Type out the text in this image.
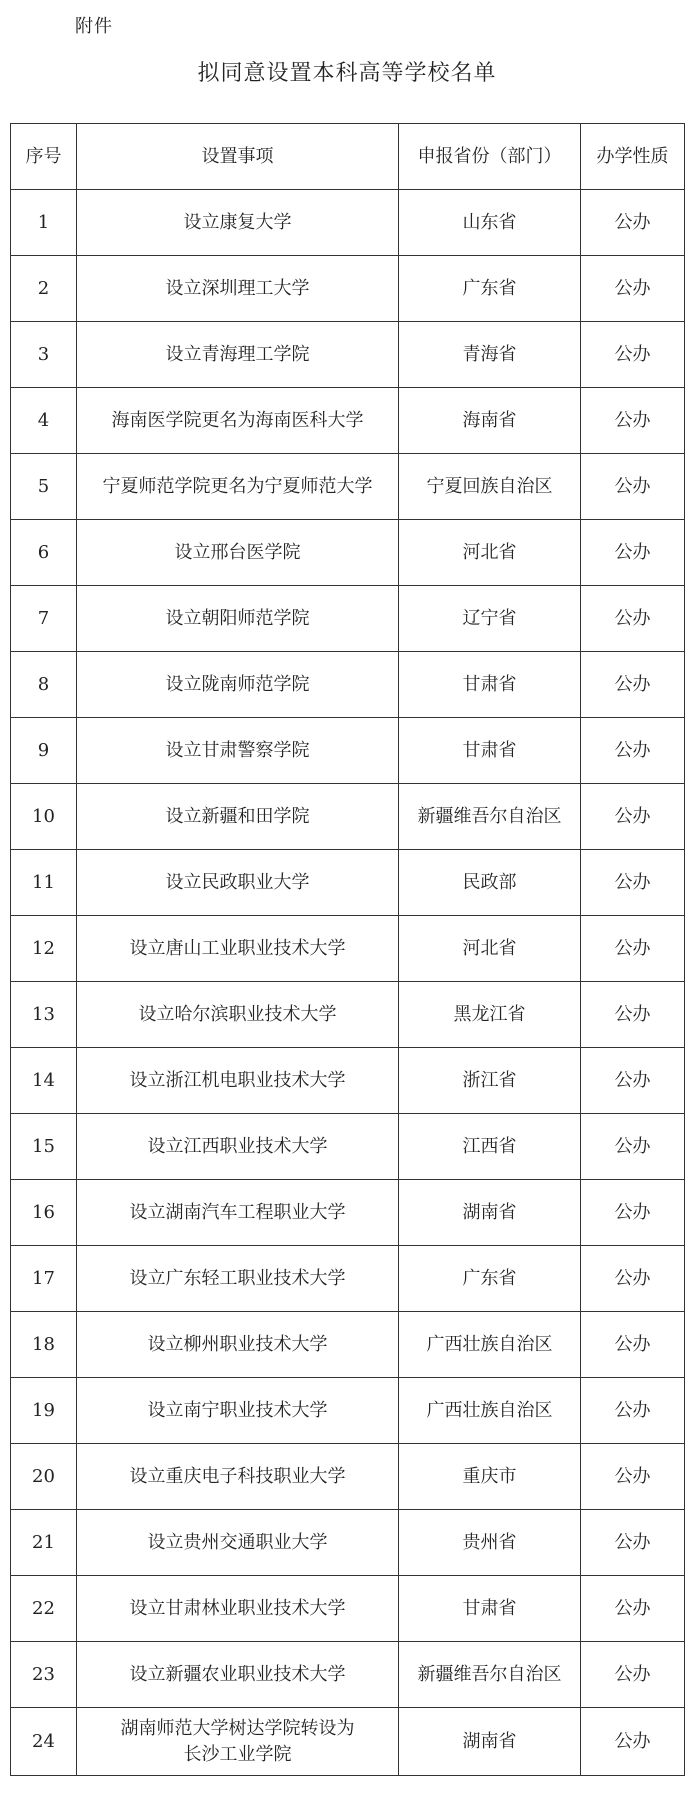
附件
拟同意设置本科高等学校名单
序号	设置事项	申报省份（部门）	办学性质
1	设立康复大学	山东省	公办
2	设立深圳理工大学	广东省	公办
3	设立青海理工学院	青海省	公办
4	海南医学院更名为海南医科大学	海南省	公办
5	宁夏师范学院更名为宁夏师范大学	宁夏回族自治区	公办
6	设立邢台医学院	河北省	公办
7	设立朝阳师范学院	辽宁省	公办
8	设立陇南师范学院	甘肃省	公办
9	设立甘肃警察学院	甘肃省	公办
10	设立新疆和田学院	新疆维吾尔自治区	公办
11	设立民政职业大学	民政部	公办
12	设立唐山工业职业技术大学	河北省	公办
13	设立哈尔滨职业技术大学	黑龙江省	公办
14	设立浙江机电职业技术大学	浙江省	公办
15	设立江西职业技术大学	江西省	公办
16	设立湖南汽车工程职业大学	湖南省	公办
17	设立广东轻工职业技术大学	广东省	公办
18	设立柳州职业技术大学	广西壮族自治区	公办
19	设立南宁职业技术大学	广西壮族自治区	公办
20	设立重庆电子科技职业大学	重庆市	公办
21	设立贵州交通职业大学	贵州省	公办
22	设立甘肃林业职业技术大学	甘肃省	公办
23	设立新疆农业职业技术大学	新疆维吾尔自治区	公办
24	湖南师范大学树达学院转设为
长沙工业学院	湖南省	公办
